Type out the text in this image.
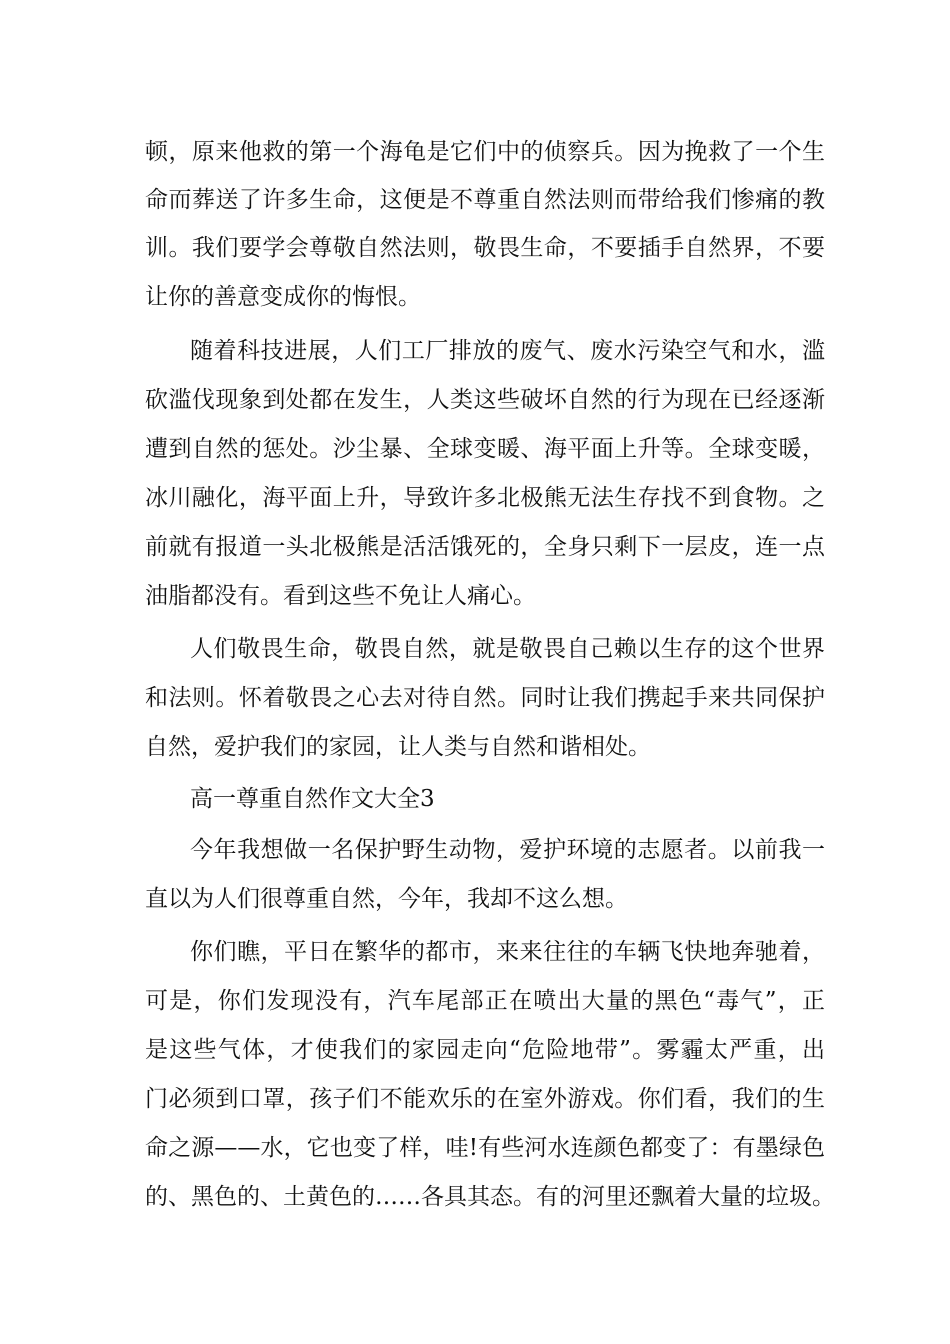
顿，原来他救的第一个海龟是它们中的侦察兵。因为挽救了一个生
命而葬送了许多生命，这便是不尊重自然法则而带给我们惨痛的教
训。我们要学会尊敬自然法则，敬畏生命，不要插手自然界，不要
让你的善意变成你的悔恨。
随着科技进展，人们工厂排放的废气、废水污染空气和水，滥
砍滥伐现象到处都在发生，人类这些破坏自然的行为现在已经逐渐
遭到自然的惩处。沙尘暴、全球变暖、海平面上升等。全球变暖，
冰川融化，海平面上升，导致许多北极熊无法生存找不到食物。之
前就有报道一头北极熊是活活饿死的，全身只剩下一层皮，连一点
油脂都没有。看到这些不免让人痛心。
人们敬畏生命，敬畏自然，就是敬畏自己赖以生存的这个世界
和法则。怀着敬畏之心去对待自然。同时让我们携起手来共同保护
自然，爱护我们的家园，让人类与自然和谐相处。
高一尊重自然作文大全3
今年我想做一名保护野生动物，爱护环境的志愿者。以前我一
直以为人们很尊重自然，今年，我却不这么想。
你们瞧，平日在繁华的都市，来来往往的车辆飞快地奔驰着，
可是，你们发现没有，汽车尾部正在喷出大量的黑色“毒气”，正
是这些气体，才使我们的家园走向“危险地带”。雾霾太严重，出
门必须到口罩，孩子们不能欢乐的在室外游戏。你们看，我们的生
命之源——水，它也变了样，哇!有些河水连颜色都变了：有墨绿色
的、黑色的、土黄色的……各具其态。有的河里还飘着大量的垃圾。
